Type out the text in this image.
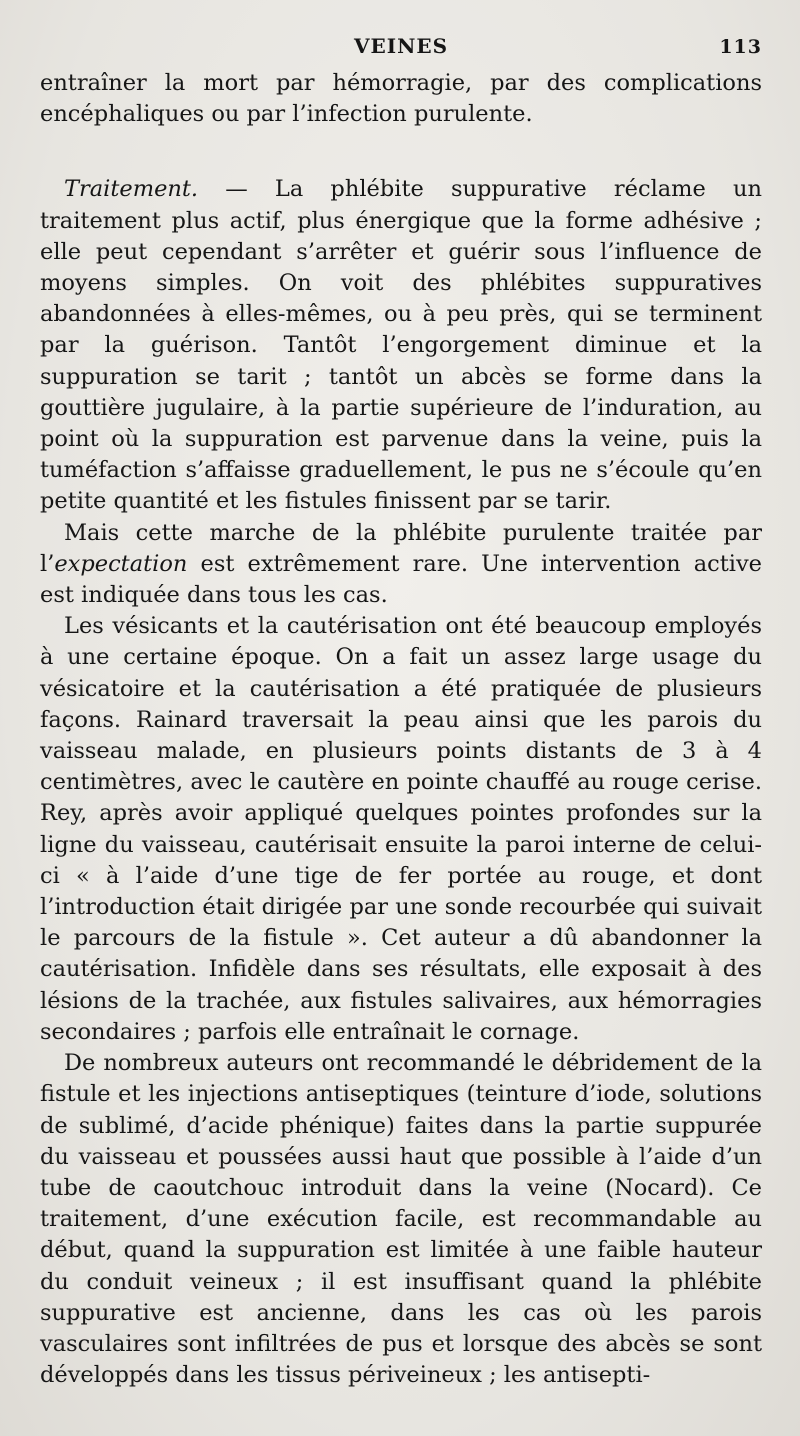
VEINES	113

entraîner la mort par hémorragie, par des complications encéphaliques ou par l’infection purulente.

Traitement. — La phlébite suppurative réclame un traitement plus actif, plus énergique que la forme adhésive ; elle peut cependant s’arrêter et guérir sous l’influence de moyens simples. On voit des phlébites suppuratives abandonnées à elles-mêmes, ou à peu près, qui se terminent par la guérison. Tantôt l’engorgement diminue et la suppuration se tarit ; tantôt un abcès se forme dans la gouttière jugulaire, à la partie supérieure de l’induration, au point où la suppuration est parvenue dans la veine, puis la tuméfaction s’affaisse graduellement, le pus ne s’écoule qu’en petite quantité et les fistules finissent par se tarir.

Mais cette marche de la phlébite purulente traitée par l’expectation est extrêmement rare. Une intervention active est indiquée dans tous les cas.

Les vésicants et la cautérisation ont été beaucoup employés à une certaine époque. On a fait un assez large usage du vésicatoire et la cautérisation a été pratiquée de plusieurs façons. Rainard traversait la peau ainsi que les parois du vaisseau malade, en plusieurs points distants de 3 à 4 centimètres, avec le cautère en pointe chauffé au rouge cerise. Rey, après avoir appliqué quelques pointes profondes sur la ligne du vaisseau, cautérisait ensuite la paroi interne de celui-ci « à l’aide d’une tige de fer portée au rouge, et dont l’introduction était dirigée par une sonde recourbée qui suivait le parcours de la fistule ». Cet auteur a dû abandonner la cautérisation. Infidèle dans ses résultats, elle exposait à des lésions de la trachée, aux fistules salivaires, aux hémorragies secondaires ; parfois elle entraînait le cornage.

De nombreux auteurs ont recommandé le débridement de la fistule et les injections antiseptiques (teinture d’iode, solutions de sublimé, d’acide phénique) faites dans la partie suppurée du vaisseau et poussées aussi haut que possible à l’aide d’un tube de caoutchouc introduit dans la veine (Nocard). Ce traitement, d’une exécution facile, est recommandable au début, quand la suppuration est limitée à une faible hauteur du conduit veineux ; il est insuffisant quand la phlébite suppurative est ancienne, dans les cas où les parois vasculaires sont infiltrées de pus et lorsque des abcès se sont développés dans les tissus périveineux ; les antisepti-
